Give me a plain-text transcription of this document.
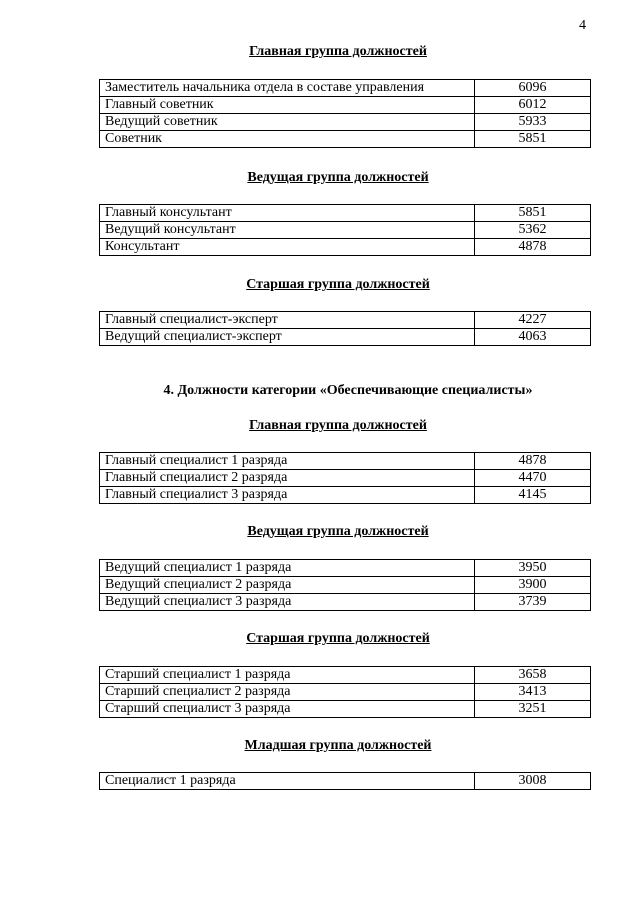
4
Главная группа должностей
Заместитель начальника отдела в составе управления	6096
Главный советник	6012
Ведущий советник	5933
Советник	5851
Ведущая группа должностей
Главный консультант	5851
Ведущий консультант	5362
Консультант	4878
Старшая группа должностей
Главный специалист-эксперт	4227
Ведущий специалист-эксперт	4063
4. Должности категории «Обеспечивающие специалисты»
Главная группа должностей
Главный специалист 1 разряда	4878
Главный специалист 2 разряда	4470
Главный специалист 3 разряда	4145
Ведущая группа должностей
Ведущий специалист 1 разряда	3950
Ведущий специалист 2 разряда	3900
Ведущий специалист 3 разряда	3739
Старшая группа должностей
Старший специалист 1 разряда	3658
Старший специалист 2 разряда	3413
Старший специалист 3 разряда	3251
Младшая группа должностей
Специалист 1 разряда	3008
